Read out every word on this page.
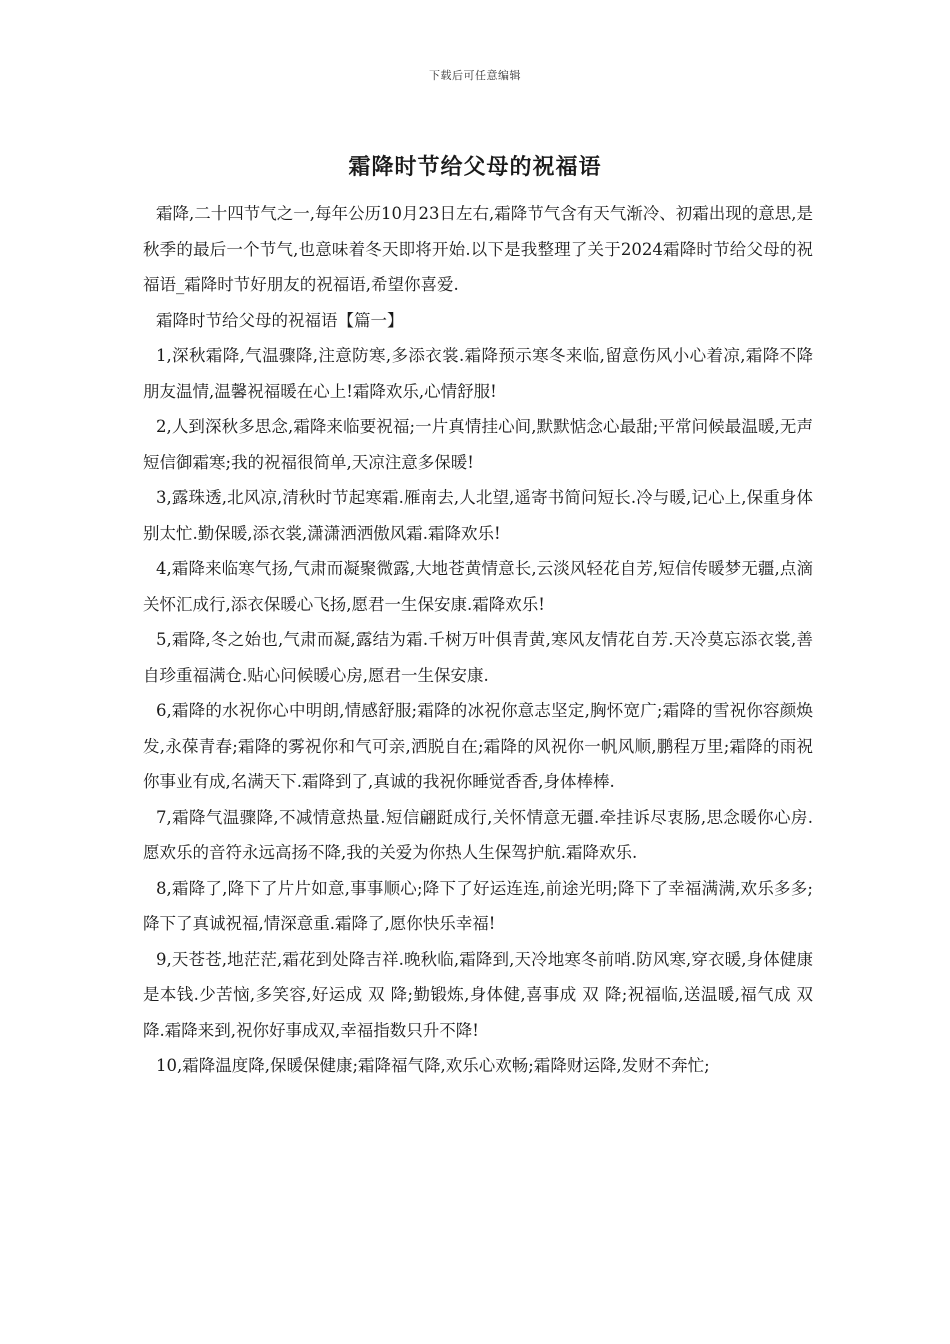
下载后可任意编辑
霜降时节给父母的祝福语

霜降,二十四节气之一,每年公历10月23日左右,霜降节气含有天气渐冷、初霜出现的意思,是秋季的最后一个节气,也意味着冬天即将开始.以下是我整理了关于2024霜降时节给父母的祝福语_霜降时节好朋友的祝福语,希望你喜爱.

霜降时节给父母的祝福语【篇一】

1,深秋霜降,气温骤降,注意防寒,多添衣裳.霜降预示寒冬来临,留意伤风小心着凉,霜降不降朋友温情,温馨祝福暖在心上!霜降欢乐,心情舒服!

2,人到深秋多思念,霜降来临要祝福;一片真情挂心间,默默惦念心最甜;平常问候最温暖,无声短信御霜寒;我的祝福很简单,天凉注意多保暖!

3,露珠透,北风凉,清秋时节起寒霜.雁南去,人北望,遥寄书简问短长.冷与暖,记心上,保重身体别太忙.勤保暖,添衣裳,潇潇洒洒傲风霜.霜降欢乐!

4,霜降来临寒气扬,气肃而凝聚微露,大地苍黄情意长,云淡风轻花自芳,短信传暖梦无疆,点滴关怀汇成行,添衣保暖心飞扬,愿君一生保安康.霜降欢乐!

5,霜降,冬之始也,气肃而凝,露结为霜.千树万叶俱青黄,寒风友情花自芳.天冷莫忘添衣裳,善自珍重福满仓.贴心问候暖心房,愿君一生保安康.

6,霜降的水祝你心中明朗,情感舒服;霜降的冰祝你意志坚定,胸怀宽广;霜降的雪祝你容颜焕发,永葆青春;霜降的雾祝你和气可亲,洒脱自在;霜降的风祝你一帆风顺,鹏程万里;霜降的雨祝你事业有成,名满天下.霜降到了,真诚的我祝你睡觉香香,身体棒棒.

7,霜降气温骤降,不减情意热量.短信翩跹成行,关怀情意无疆.牵挂诉尽衷肠,思念暖你心房.愿欢乐的音符永远高扬不降,我的关爱为你热人生保驾护航.霜降欢乐.

8,霜降了,降下了片片如意,事事顺心;降下了好运连连,前途光明;降下了幸福满满,欢乐多多;降下了真诚祝福,情深意重.霜降了,愿你快乐幸福!

9,天苍苍,地茫茫,霜花到处降吉祥.晚秋临,霜降到,天冷地寒冬前哨.防风寒,穿衣暖,身体健康是本钱.少苦恼,多笑容,好运成 双 降;勤锻炼,身体健,喜事成 双 降;祝福临,送温暖,福气成 双 降.霜降来到,祝你好事成双,幸福指数只升不降!

10,霜降温度降,保暖保健康;霜降福气降,欢乐心欢畅;霜降财运降,发财不奔忙;
